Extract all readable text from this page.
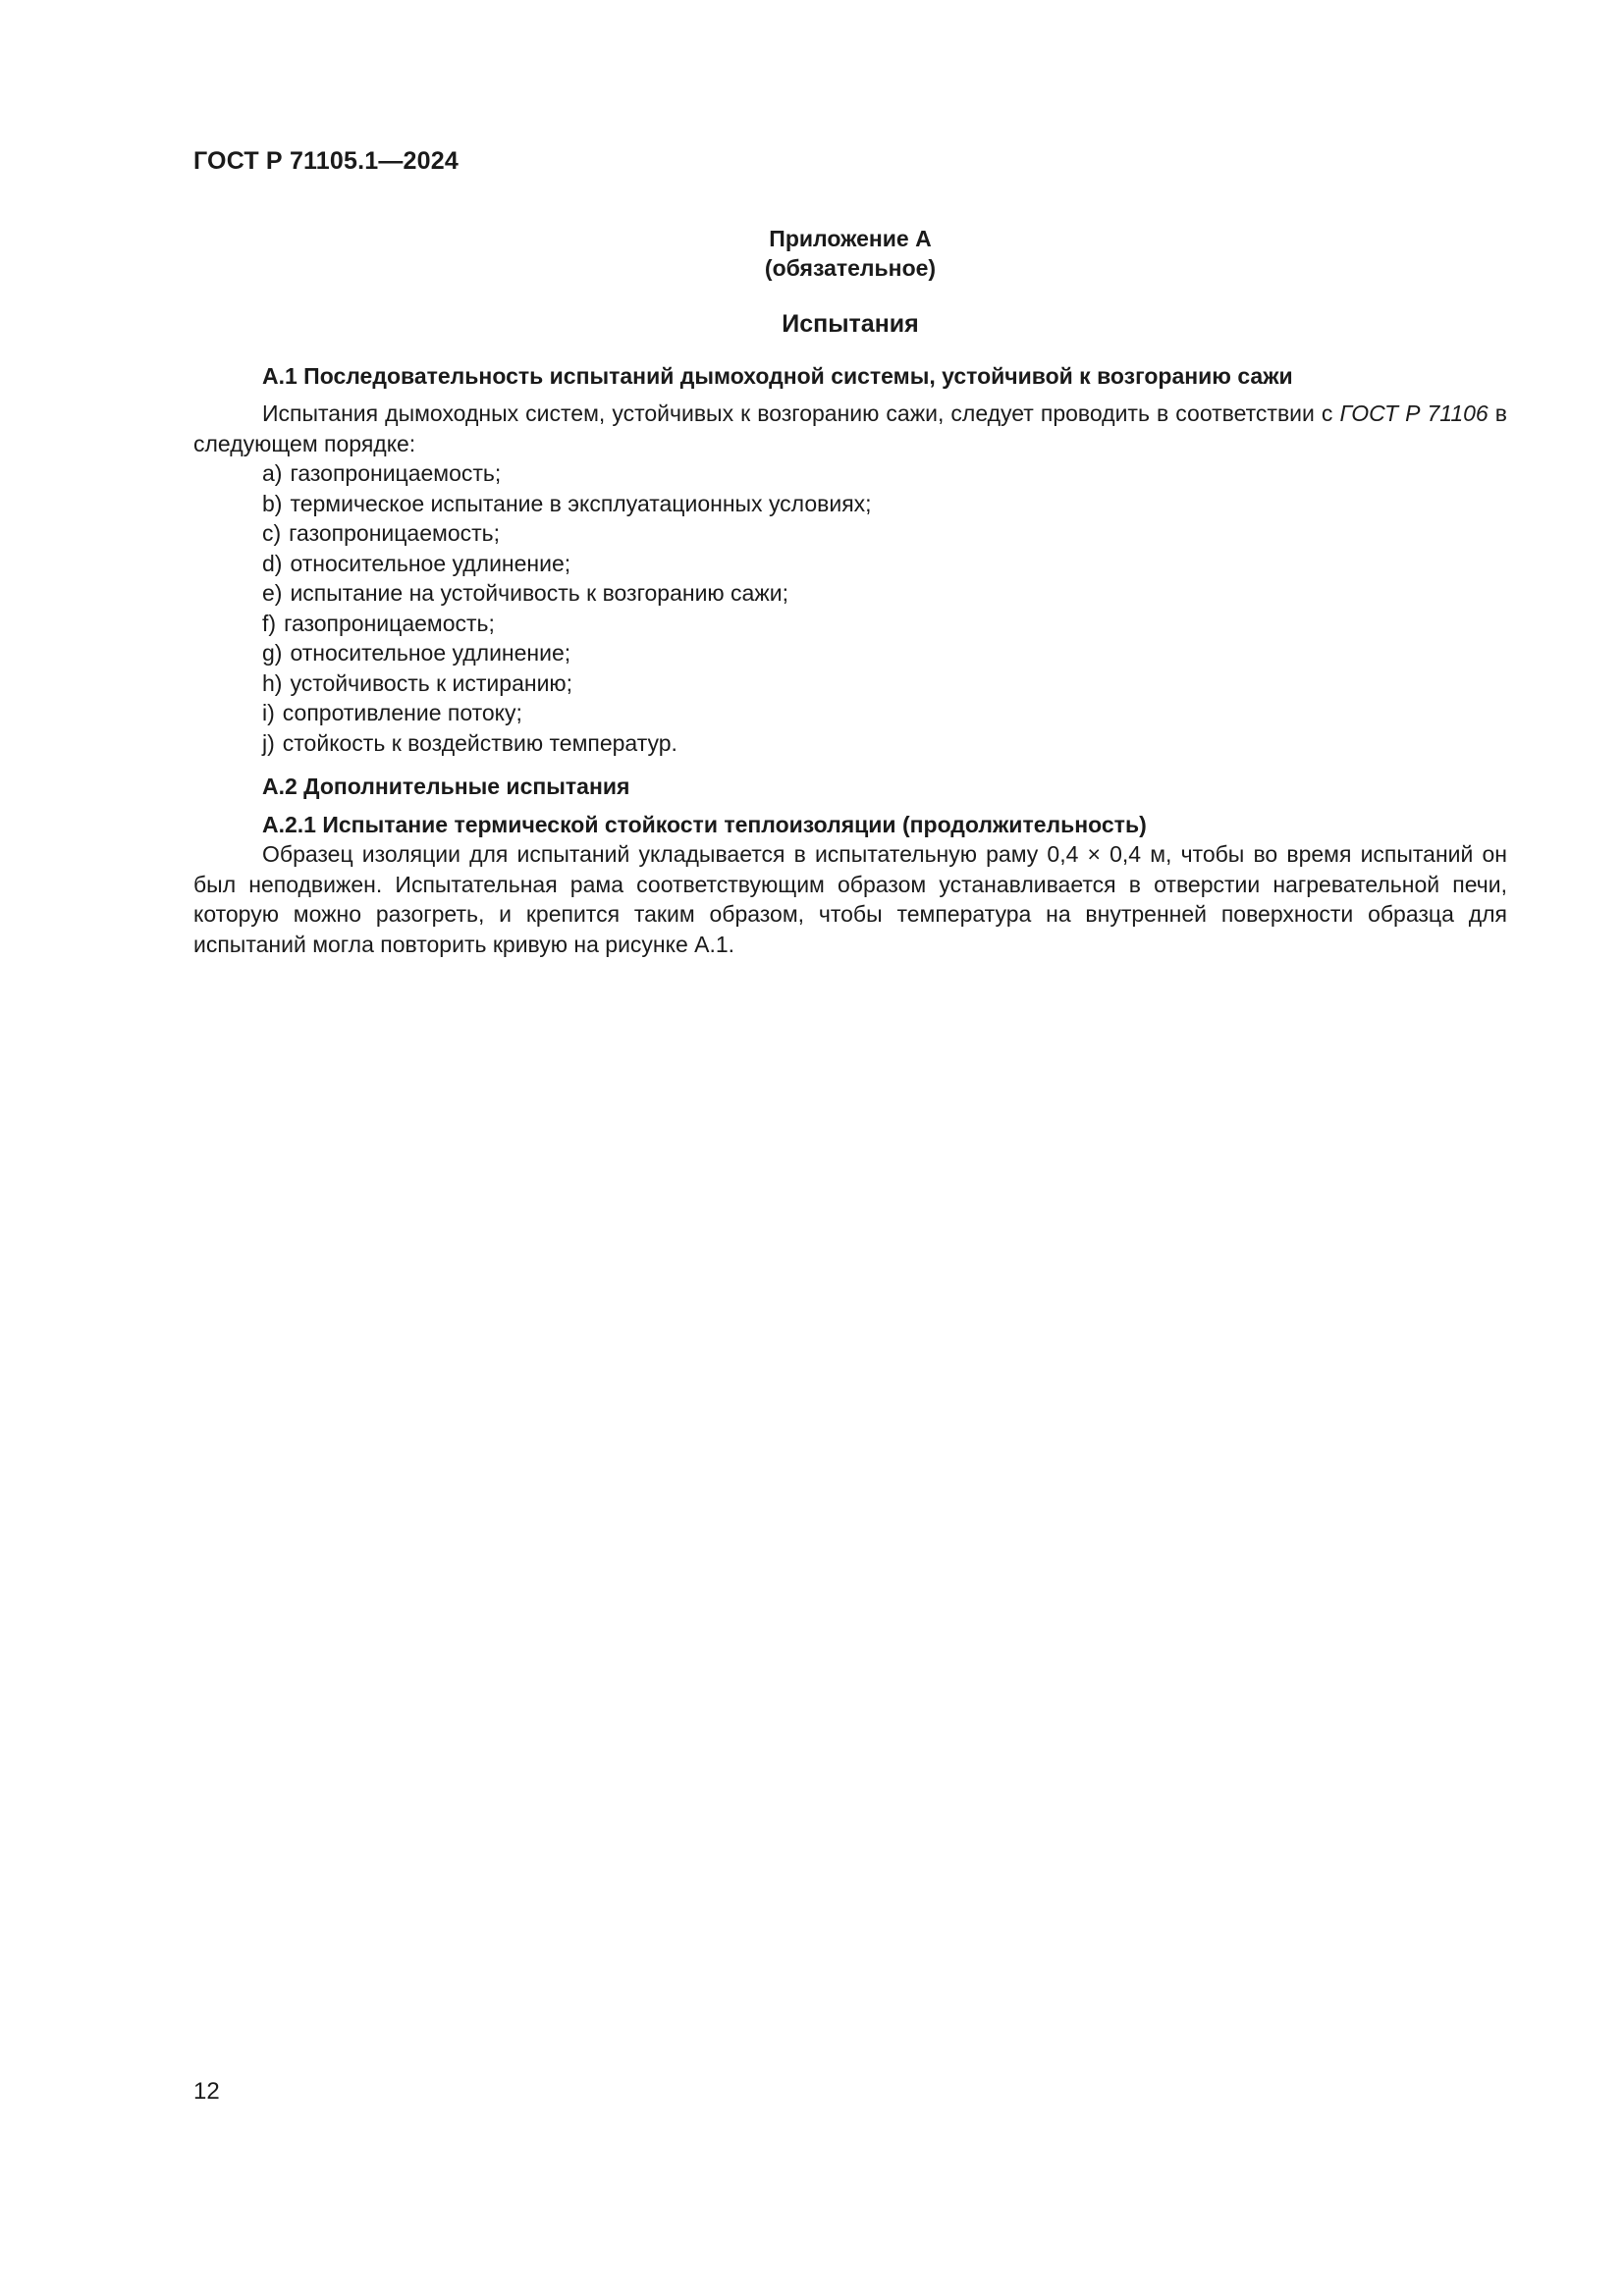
ГОСТ Р 71105.1—2024
Приложение А
(обязательное)
Испытания

А.1 Последовательность испытаний дымоходной системы, устойчивой к возгоранию сажи

Испытания дымоходных систем, устойчивых к возгоранию сажи, следует проводить в соответствии с ГОСТ Р 71106 в следующем порядке:

a) газопроницаемость;
b) термическое испытание в эксплуатационных условиях;
c) газопроницаемость;
d) относительное удлинение;
e) испытание на устойчивость к возгоранию сажи;
f) газопроницаемость;
g) относительное удлинение;
h) устойчивость к истиранию;
i) сопротивление потоку;
j) стойкость к воздействию температур.

А.2 Дополнительные испытания

А.2.1 Испытание термической стойкости теплоизоляции (продолжительность)

Образец изоляции для испытаний укладывается в испытательную раму 0,4 × 0,4 м, чтобы во время испытаний он был неподвижен. Испытательная рама соответствующим образом устанавливается в отверстии нагревательной печи, которую можно разогреть, и крепится таким образом, чтобы температура на внутренней поверхности образца для испытаний могла повторить кривую на рисунке А.1.

12
